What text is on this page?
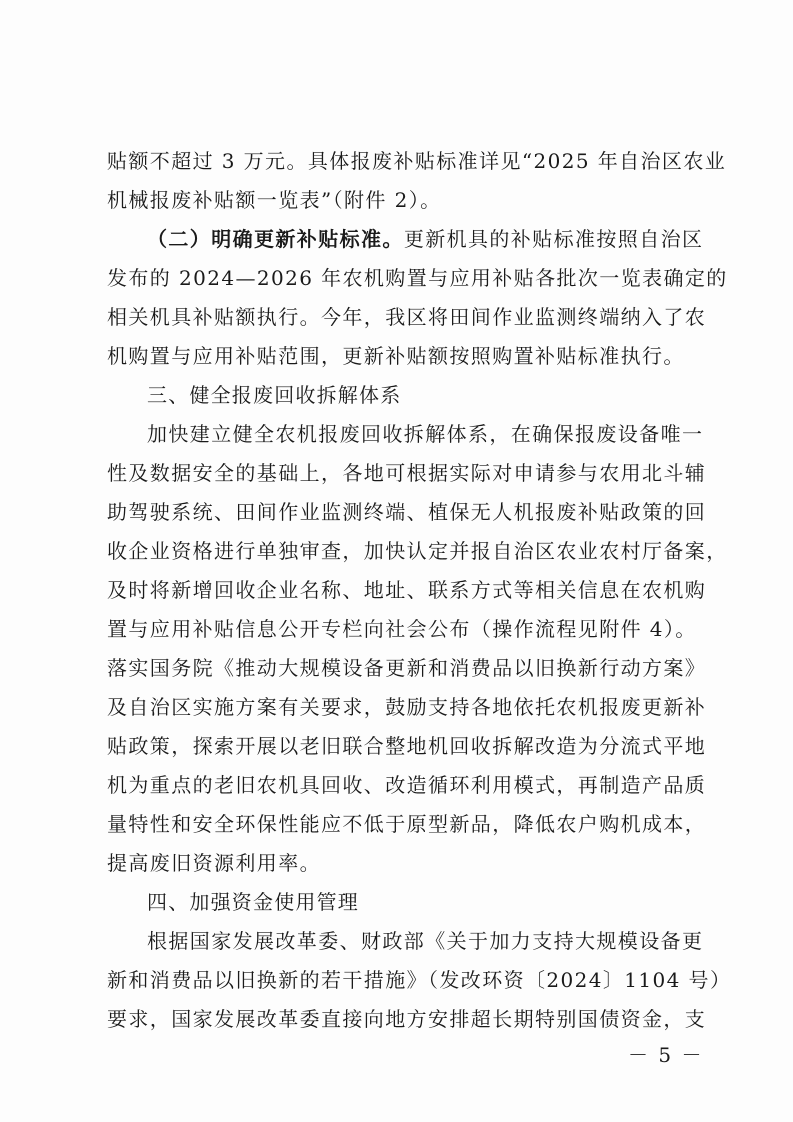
贴额不超过 3 万元。具体报废补贴标准详见“2025 年自治区农业
机械报废补贴额一览表”（附件 2）。
（二）明确更新补贴标准。更新机具的补贴标准按照自治区
发布的 2024—2026 年农机购置与应用补贴各批次一览表确定的
相关机具补贴额执行。今年，我区将田间作业监测终端纳入了农
机购置与应用补贴范围，更新补贴额按照购置补贴标准执行。
三、健全报废回收拆解体系
加快建立健全农机报废回收拆解体系，在确保报废设备唯一
性及数据安全的基础上，各地可根据实际对申请参与农用北斗辅
助驾驶系统、田间作业监测终端、植保无人机报废补贴政策的回
收企业资格进行单独审查，加快认定并报自治区农业农村厅备案，
及时将新增回收企业名称、地址、联系方式等相关信息在农机购
置与应用补贴信息公开专栏向社会公布（操作流程见附件 4）。
落实国务院《推动大规模设备更新和消费品以旧换新行动方案》
及自治区实施方案有关要求，鼓励支持各地依托农机报废更新补
贴政策，探索开展以老旧联合整地机回收拆解改造为分流式平地
机为重点的老旧农机具回收、改造循环利用模式，再制造产品质
量特性和安全环保性能应不低于原型新品，降低农户购机成本，
提高废旧资源利用率。
四、加强资金使用管理
根据国家发展改革委、财政部《关于加力支持大规模设备更
新和消费品以旧换新的若干措施》（发改环资〔2024〕1104 号）
要求，国家发展改革委直接向地方安排超长期特别国债资金，支
－ 5 －
